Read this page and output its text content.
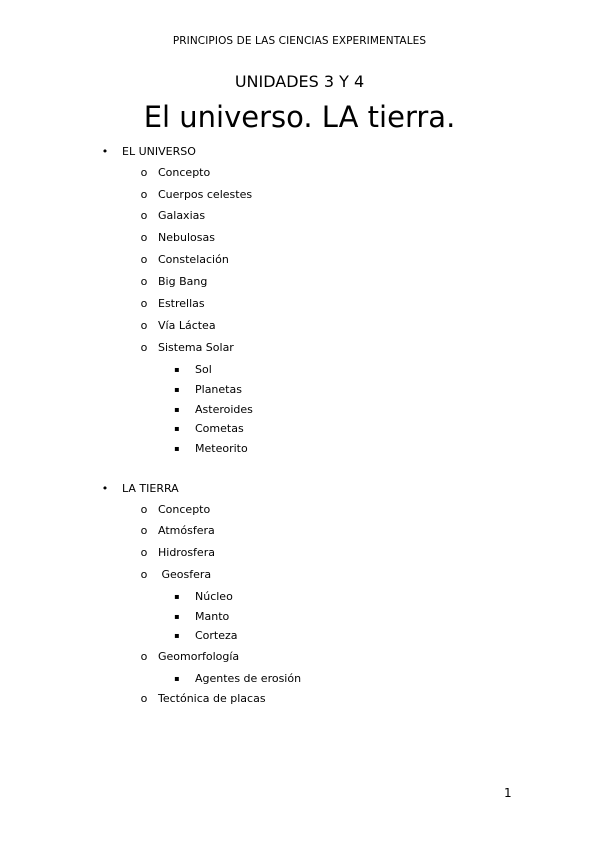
PRINCIPIOS DE LAS CIENCIAS EXPERIMENTALES
UNIDADES 3 Y 4
El universo. LA tierra.
• EL UNIVERSO
o Concepto
o Cuerpos celestes
o Galaxias
o Nebulosas
o Constelación
o Big Bang
o Estrellas
o Vía Láctea
o Sistema Solar
▪ Sol
▪ Planetas
▪ Asteroides
▪ Cometas
▪ Meteorito
• LA TIERRA
o Concepto
o Atmósfera
o Hidrosfera
o Geosfera
▪ Núcleo
▪ Manto
▪ Corteza
o Geomorfología
▪ Agentes de erosión
o Tectónica de placas
1
